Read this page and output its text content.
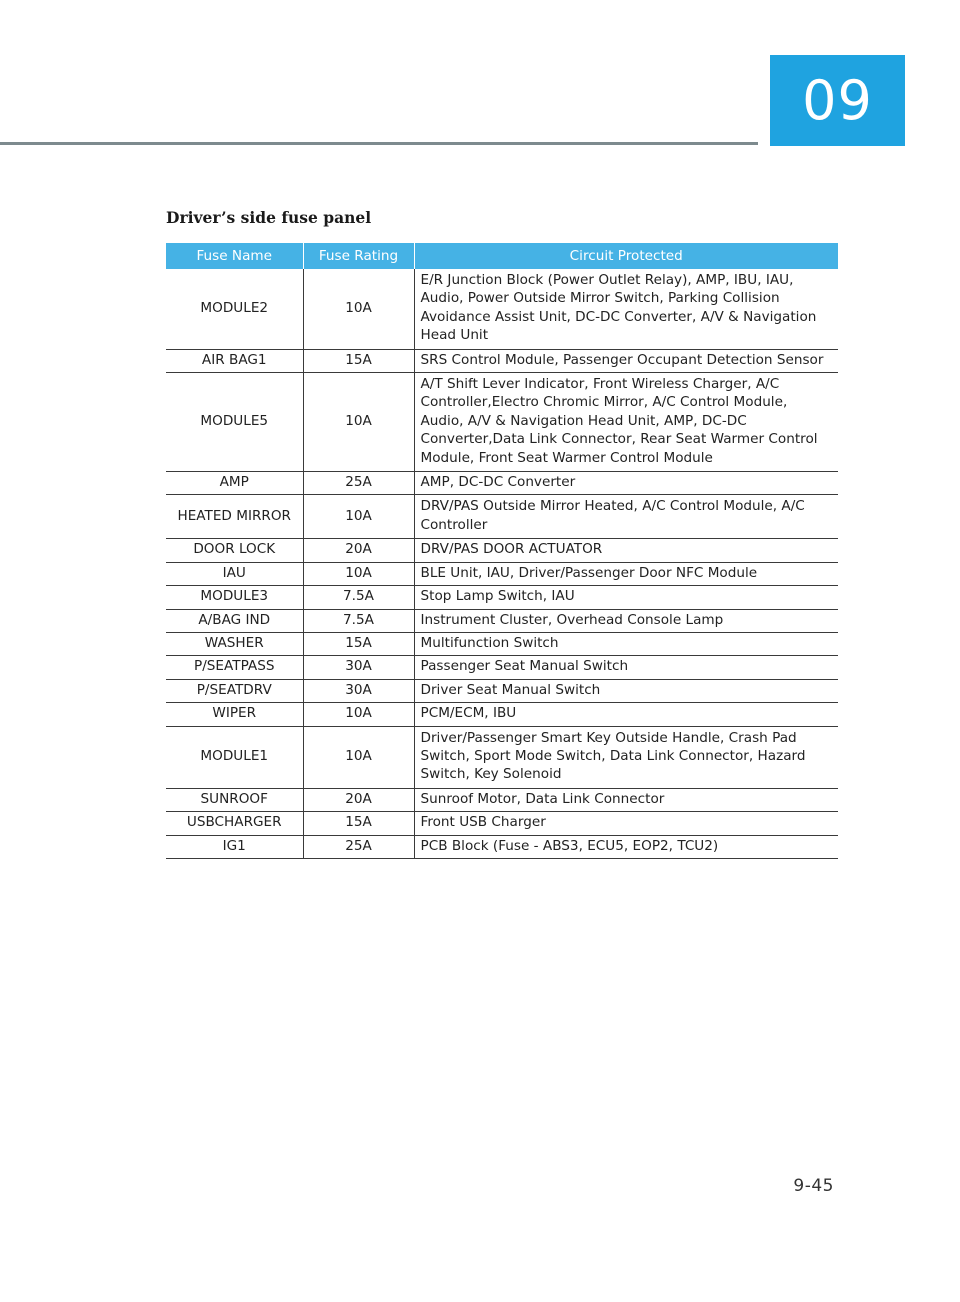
09
Driver’s side fuse panel
Fuse Name	Fuse Rating	Circuit Protected
MODULE2	10A	E/R Junction Block (Power Outlet Relay), AMP, IBU, IAU, Audio, Power Outside Mirror Switch, Parking Collision Avoidance Assist Unit, DC-DC Converter, A/V & Navigation Head Unit
AIR BAG1	15A	SRS Control Module, Passenger Occupant Detection Sensor
MODULE5	10A	A/T Shift Lever Indicator, Front Wireless Charger, A/C Controller,Electro Chromic Mirror, A/C Control Module, Audio, A/V & Navigation Head Unit, AMP, DC-DC Converter,Data Link Connector, Rear Seat Warmer Control Module, Front Seat Warmer Control Module
AMP	25A	AMP, DC-DC Converter
HEATED MIRROR	10A	DRV/PAS Outside Mirror Heated, A/C Control Module, A/C Controller
DOOR LOCK	20A	DRV/PAS DOOR ACTUATOR
IAU	10A	BLE Unit, IAU, Driver/Passenger Door NFC Module
MODULE3	7.5A	Stop Lamp Switch, IAU
A/BAG IND	7.5A	Instrument Cluster, Overhead Console Lamp
WASHER	15A	Multifunction Switch
P/SEATPASS	30A	Passenger Seat Manual Switch
P/SEATDRV	30A	Driver Seat Manual Switch
WIPER	10A	PCM/ECM, IBU
MODULE1	10A	Driver/Passenger Smart Key Outside Handle, Crash Pad Switch, Sport Mode Switch, Data Link Connector, Hazard Switch, Key Solenoid
SUNROOF	20A	Sunroof Motor, Data Link Connector
USBCHARGER	15A	Front USB Charger
IG1	25A	PCB Block (Fuse - ABS3, ECU5, EOP2, TCU2)
9-45
